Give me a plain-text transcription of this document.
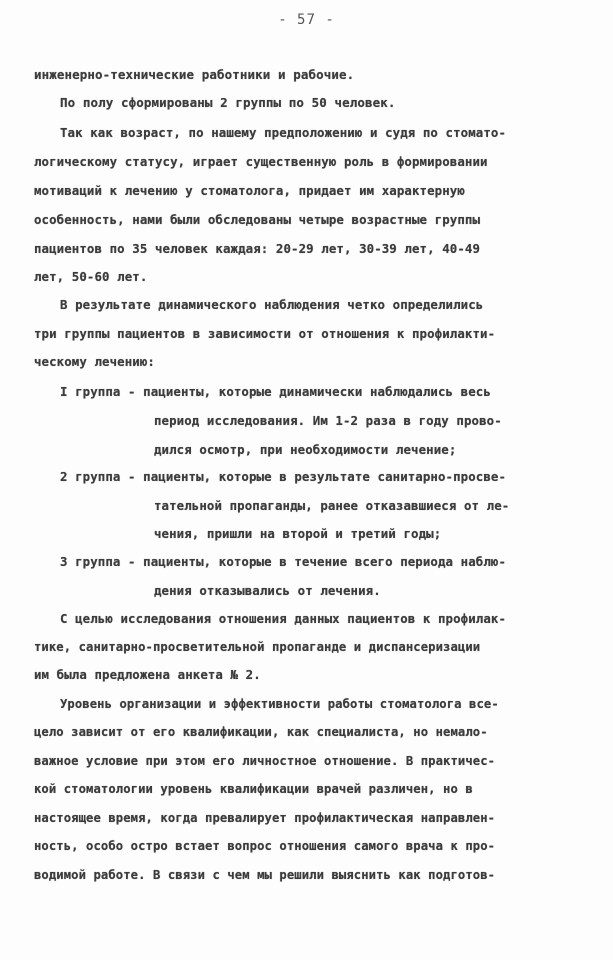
- 57 -
инженерно-технические работники и рабочие.
По полу сформированы 2 группы по 50 человек.
Так как возраст, по нашему предположению и судя по стомато-
логическому статусу, играет существенную роль в формировании
мотиваций к лечению у стоматолога, придает им характерную
особенность, нами были обследованы четыре возрастные группы
пациентов по 35 человек каждая: 20-29 лет, 30-39 лет, 40-49
лет, 50-60 лет.
В результате динамического наблюдения четко определились
три группы пациентов в зависимости от отношения к профилакти-
ческому лечению:
I группа - пациенты, которые динамически наблюдались весь
период исследования. Им 1-2 раза в году прово-
дился осмотр, при необходимости лечение;
2 группа - пациенты, которые в результате санитарно-просве-
тательной пропаганды, ранее отказавшиеся от ле-
чения, пришли на второй и третий годы;
3 группа - пациенты, которые в течение всего периода наблю-
дения отказывались от лечения.
С целью исследования отношения данных пациентов к профилак-
тике, санитарно-просветительной пропаганде и диспансеризации
им была предложена анкета № 2.
Уровень организации и эффективности работы стоматолога все-
цело зависит от его квалификации, как специалиста, но немало-
важное условие при этом его личностное отношение. В практичес-
кой стоматологии уровень квалификации врачей различен, но в
настоящее время, когда превалирует профилактическая направлен-
ность, особо остро встает вопрос отношения самого врача к про-
водимой работе. В связи с чем мы решили выяснить как подготов-
